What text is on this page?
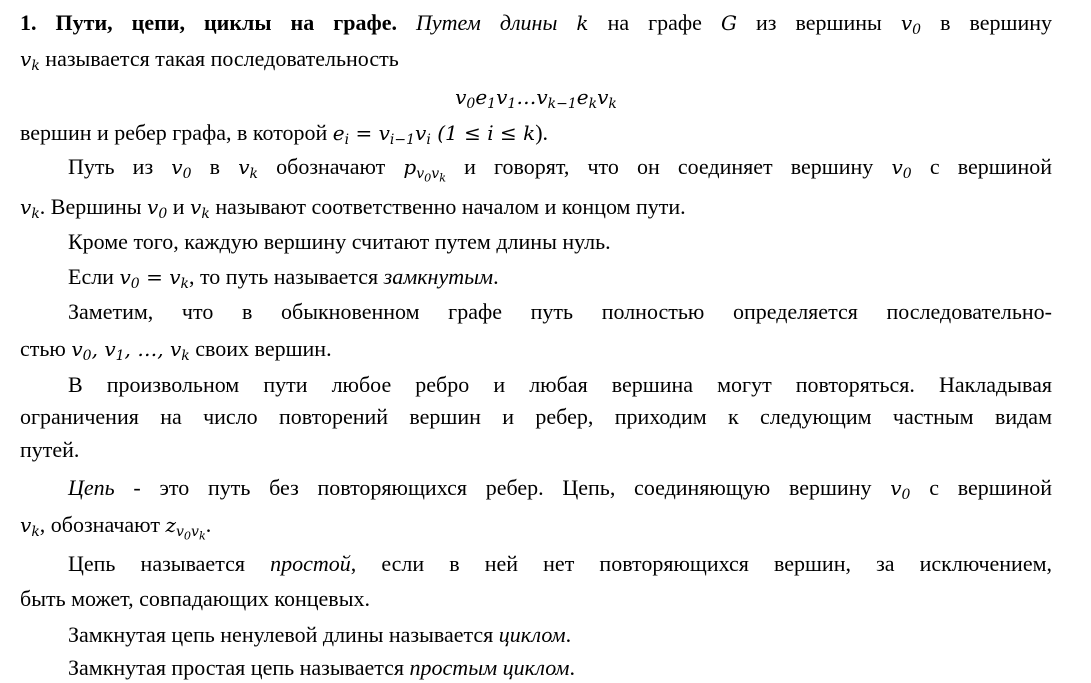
1. Пути, цепи, циклы на графе. Путем длины k на графе G из вершины $v_0$ в вершину
$v_k$ называется такая последовательность
$v_0e_1v_1\dots v_{k-1}e_kv_k$
вершин и ребер графа, в которой $e_i = v_{i-1}v_i$ (1 ≤ i ≤ k).
Путь из $v_0$ в $v_k$ обозначают $p_{v_0v_k}$ и говорят, что он соединяет вершину $v_0$ с вершиной
$v_k$. Вершины $v_0$ и $v_k$ называют соответственно началом и концом пути.
Кроме того, каждую вершину считают путем длины нуль.
Если $v_0 = v_k$, то путь называется замкнутым.
Заметим, что в обыкновенном графе путь полностью определяется последовательно-
стью $v_0$, $v_1$, …, $v_k$ своих вершин.
В произвольном пути любое ребро и любая вершина могут повторяться. Накладывая
ограничения на число повторений вершин и ребер, приходим к следующим частным видам
путей.
Цепь - это путь без повторяющихся ребер. Цепь, соединяющую вершину $v_0$ с вершиной
$v_k$, обозначают $z_{v_0v_k}$.
Цепь называется простой, если в ней нет повторяющихся вершин, за исключением,
быть может, совпадающих концевых.
Замкнутая цепь ненулевой длины называется циклом.
Замкнутая простая цепь называется простым циклом.
